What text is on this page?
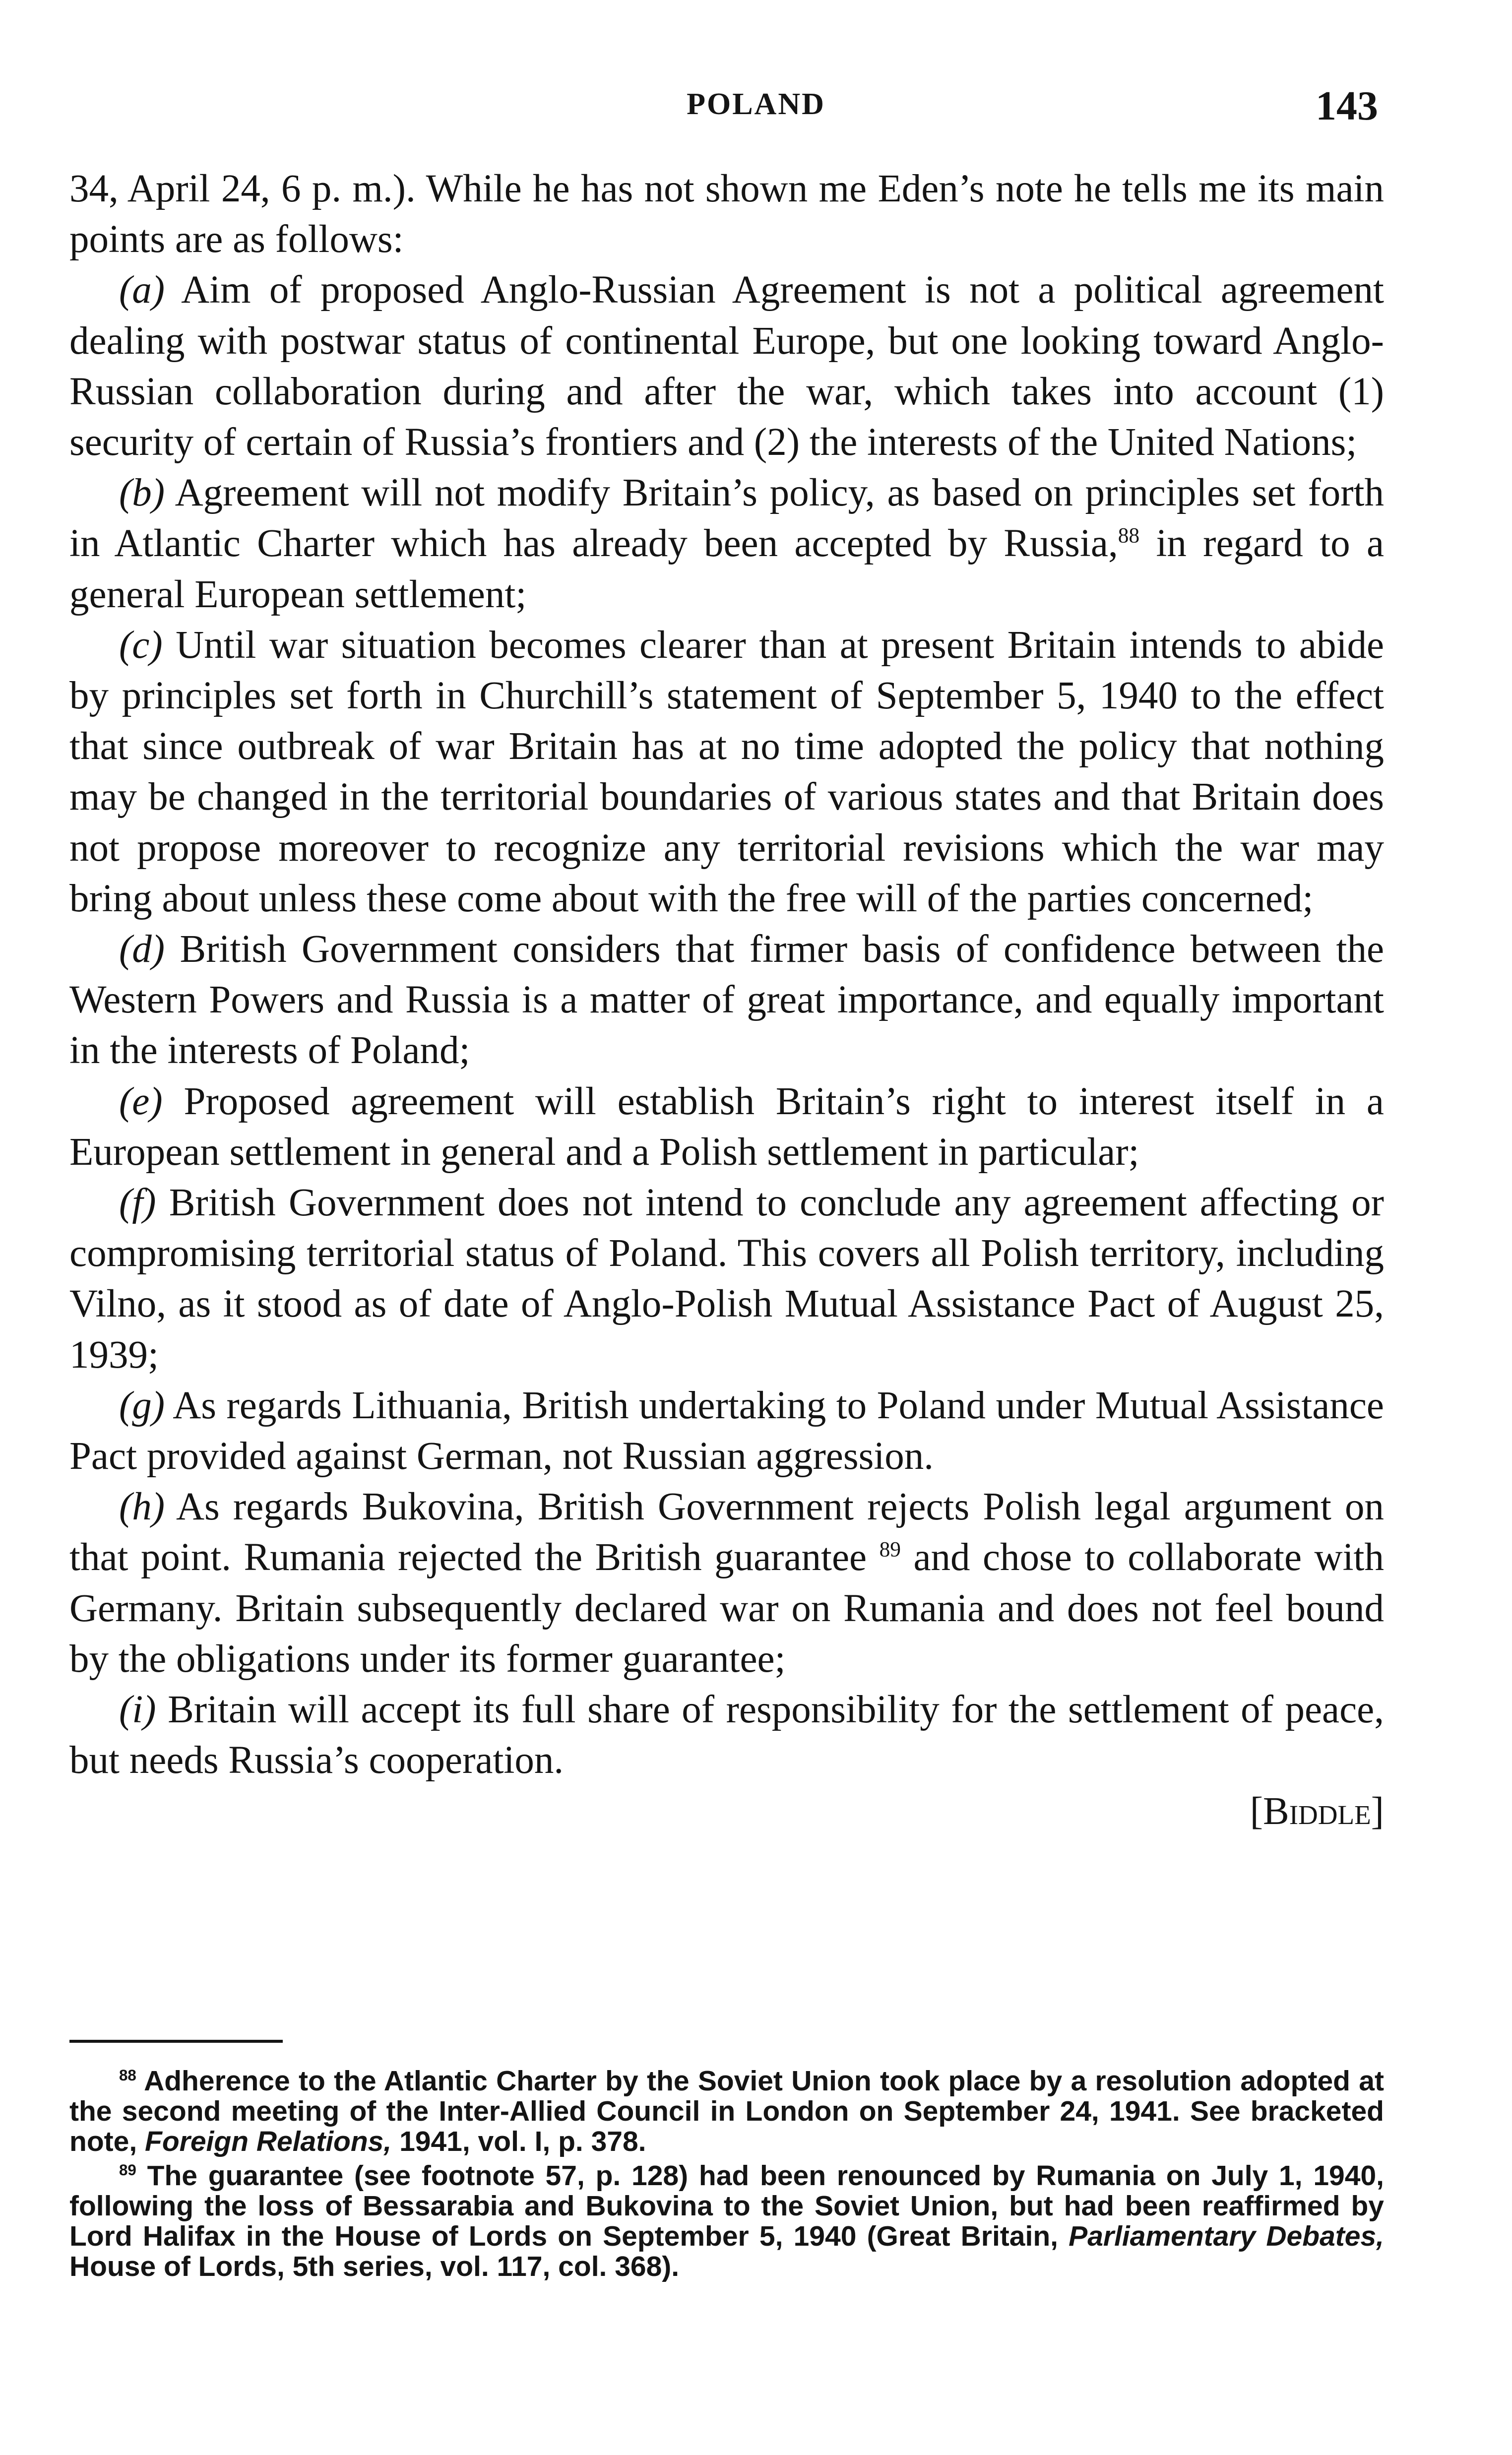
POLAND	143

34, April 24, 6 p. m.). While he has not shown me Eden’s note he tells me its main points are as follows:

(a) Aim of proposed Anglo-Russian Agreement is not a political agreement dealing with postwar status of continental Europe, but one looking toward Anglo-Russian collaboration during and after the war, which takes into account (1) security of certain of Russia’s frontiers and (2) the interests of the United Nations;

(b) Agreement will not modify Britain’s policy, as based on principles set forth in Atlantic Charter which has already been accepted by Russia,$^{88}$ in regard to a general European settlement;

(c) Until war situation becomes clearer than at present Britain intends to abide by principles set forth in Churchill’s statement of September 5, 1940 to the effect that since outbreak of war Britain has at no time adopted the policy that nothing may be changed in the territorial boundaries of various states and that Britain does not propose moreover to recognize any territorial revisions which the war may bring about unless these come about with the free will of the parties concerned;

(d) British Government considers that firmer basis of confidence between the Western Powers and Russia is a matter of great importance, and equally important in the interests of Poland;

(e) Proposed agreement will establish Britain’s right to interest itself in a European settlement in general and a Polish settlement in particular;

(f) British Government does not intend to conclude any agreement affecting or compromising territorial status of Poland. This covers all Polish territory, including Vilno, as it stood as of date of Anglo-Polish Mutual Assistance Pact of August 25, 1939;

(g) As regards Lithuania, British undertaking to Poland under Mutual Assistance Pact provided against German, not Russian aggression.

(h) As regards Bukovina, British Government rejects Polish legal argument on that point. Rumania rejected the British guarantee $^{89}$ and chose to collaborate with Germany. Britain subsequently declared war on Rumania and does not feel bound by the obligations under its former guarantee;

(i) Britain will accept its full share of responsibility for the settlement of peace, but needs Russia’s cooperation.

[Biddle]

$^{88}$ Adherence to the Atlantic Charter by the Soviet Union took place by a resolution adopted at the second meeting of the Inter-Allied Council in London on September 24, 1941. See bracketed note, Foreign Relations, 1941, vol. I, p. 378.

$^{89}$ The guarantee (see footnote 57, p. 128) had been renounced by Rumania on July 1, 1940, following the loss of Bessarabia and Bukovina to the Soviet Union, but had been reaffirmed by Lord Halifax in the House of Lords on September 5, 1940 (Great Britain, Parliamentary Debates, House of Lords, 5th series, vol. 117, col. 368).
